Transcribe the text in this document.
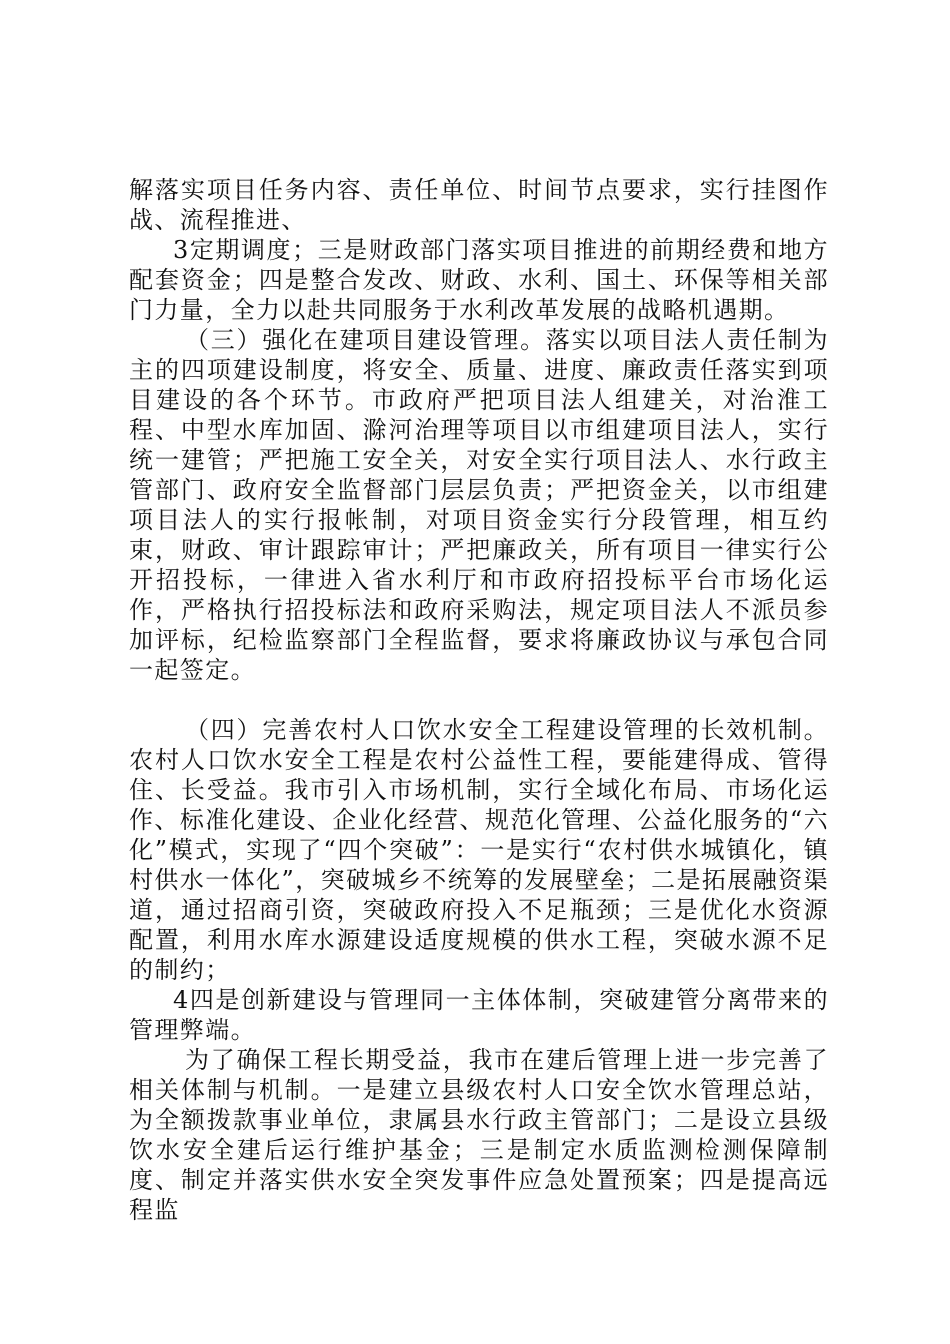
解落实项目任务内容、责任单位、时间节点要求，实行挂图作战、流程推进、

3定期调度；三是财政部门落实项目推进的前期经费和地方配套资金；四是整合发改、财政、水利、国土、环保等相关部门力量，全力以赴共同服务于水利改革发展的战略机遇期。

（三）强化在建项目建设管理。落实以项目法人责任制为主的四项建设制度，将安全、质量、进度、廉政责任落实到项目建设的各个环节。市政府严把项目法人组建关，对治淮工程、中型水库加固、滁河治理等项目以市组建项目法人，实行统一建管；严把施工安全关，对安全实行项目法人、水行政主管部门、政府安全监督部门层层负责；严把资金关，以市组建项目法人的实行报帐制，对项目资金实行分段管理，相互约束，财政、审计跟踪审计；严把廉政关，所有项目一律实行公开招投标，一律进入省水利厅和市政府招投标平台市场化运作，严格执行招投标法和政府采购法，规定项目法人不派员参加评标，纪检监察部门全程监督，要求将廉政协议与承包合同一起签定。

（四）完善农村人口饮水安全工程建设管理的长效机制。农村人口饮水安全工程是农村公益性工程，要能建得成、管得住、长受益。我市引入市场机制，实行全域化布局、市场化运作、标准化建设、企业化经营、规范化管理、公益化服务的“六化”模式，实现了“四个突破”：一是实行“农村供水城镇化，镇村供水一体化”，突破城乡不统筹的发展壁垒；二是拓展融资渠道，通过招商引资，突破政府投入不足瓶颈；三是优化水资源配置，利用水库水源建设适度规模的供水工程，突破水源不足的制约；

4四是创新建设与管理同一主体体制，突破建管分离带来的管理弊端。

为了确保工程长期受益，我市在建后管理上进一步完善了相关体制与机制。一是建立县级农村人口安全饮水管理总站，为全额拨款事业单位，隶属县水行政主管部门；二是设立县级饮水安全建后运行维护基金；三是制定水质监测检测保障制度、制定并落实供水安全突发事件应急处置预案；四是提高远程监
